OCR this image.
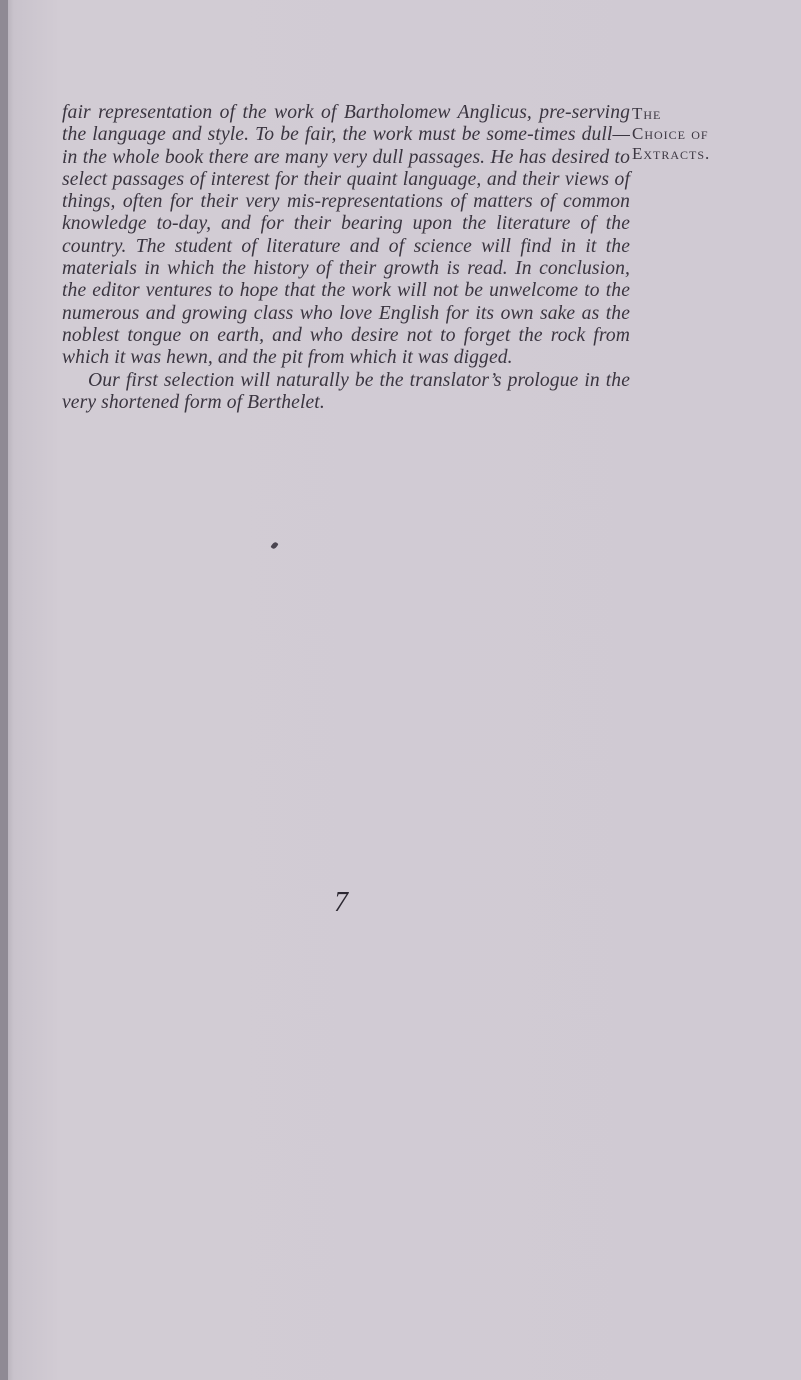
fair representation of the work of Bartholomew Anglicus, pre-serving the language and style. To be fair, the work must be some-times dull—in the whole book there are many very dull passages. He has desired to select passages of interest for their quaint language, and their views of things, often for their very mis-representations of matters of common knowledge to-day, and for their bearing upon the literature of the country. The student of literature and of science will find in it the materials in which the history of their growth is read. In conclusion, the editor ventures to hope that the work will not be unwelcome to the numerous and growing class who love English for its own sake as the noblest tongue on earth, and who desire not to forget the rock from which it was hewn, and the pit from which it was digged.

Our first selection will naturally be the translator’s prologue in the very shortened form of Berthelet.

The
Choice of
Extracts.
7
